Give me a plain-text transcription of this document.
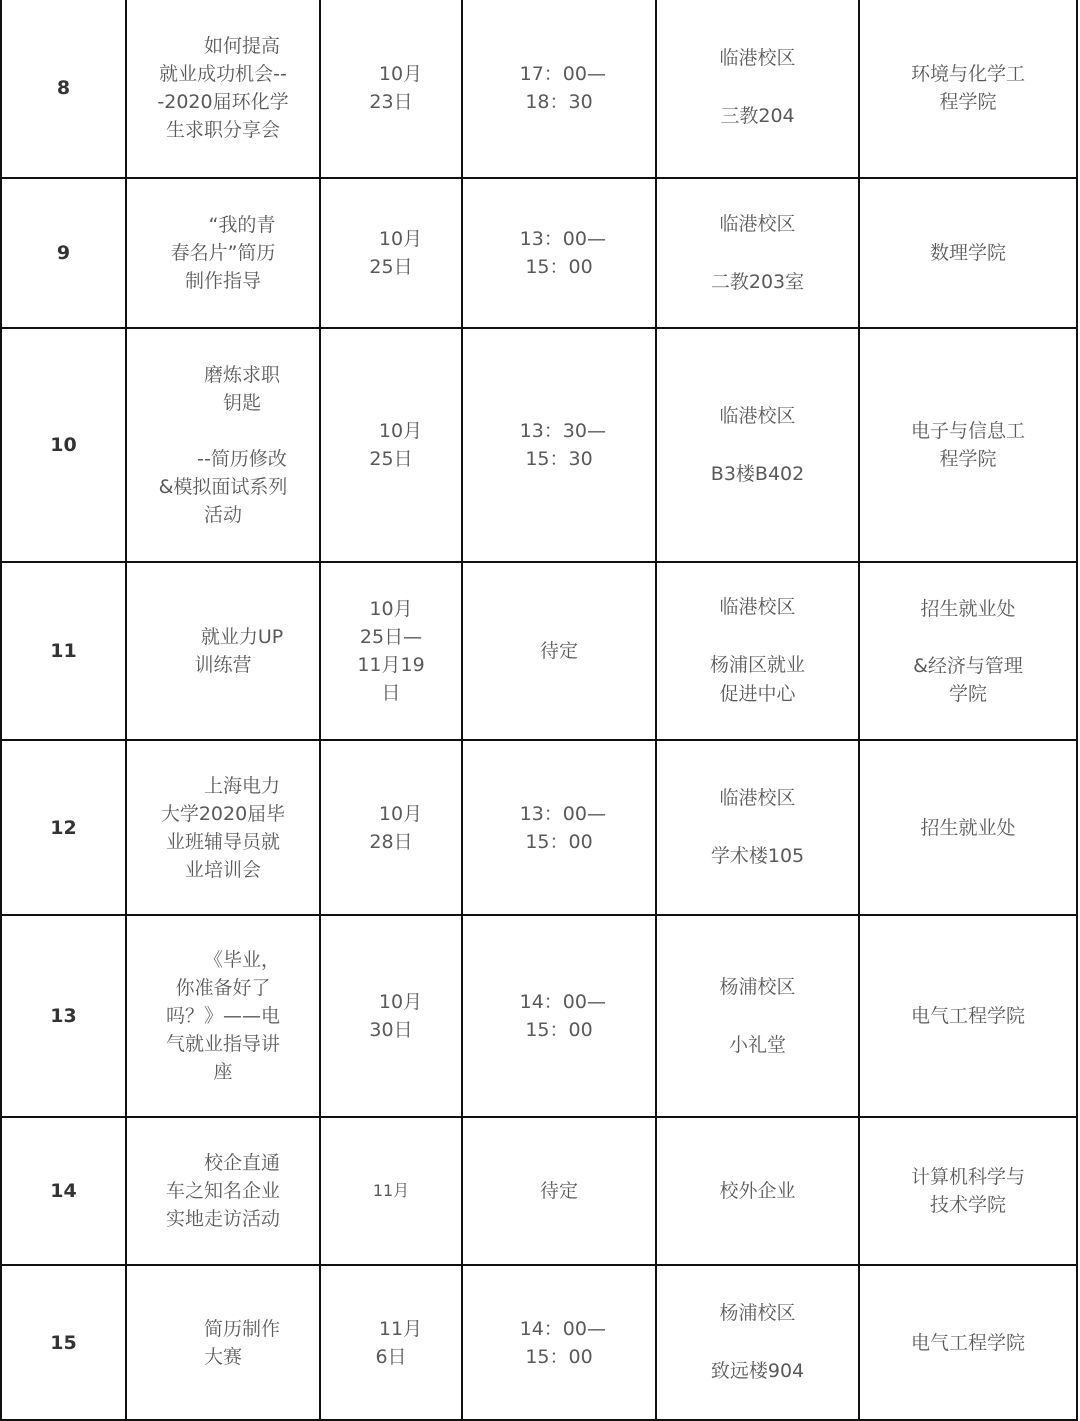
8	如何提高
就业成功机会--
-2020届环化学
生求职分享会	10月
23日	17：00—
18：30	临港校区
三教204	环境与化学工
程学院

9	“我的青
春名片”简历
制作指导	10月
25日	13：00—
15：00	临港校区
二教203室	数理学院

10	磨炼求职
钥匙
--简历修改
&模拟面试系列
活动	10月
25日	13：30—
15：30	临港校区
B3楼B402	电子与信息工
程学院

11	就业力UP
训练营	10月
25日—
11月19
日	待定	临港校区
杨浦区就业
促进中心	招生就业处
&经济与管理
学院

12	上海电力
大学2020届毕
业班辅导员就
业培训会	10月
28日	13：00—
15：00	临港校区
学术楼105	招生就业处

13	《毕业，
你准备好了
吗？》——电
气就业指导讲
座	10月
30日	14：00—
15：00	杨浦校区
小礼堂	电气工程学院

14	校企直通
车之知名企业
实地走访活动	11月	待定	校外企业	计算机科学与
技术学院

15	简历制作
大赛	11月
6日	14：00—
15：00	杨浦校区
致远楼904	电气工程学院
